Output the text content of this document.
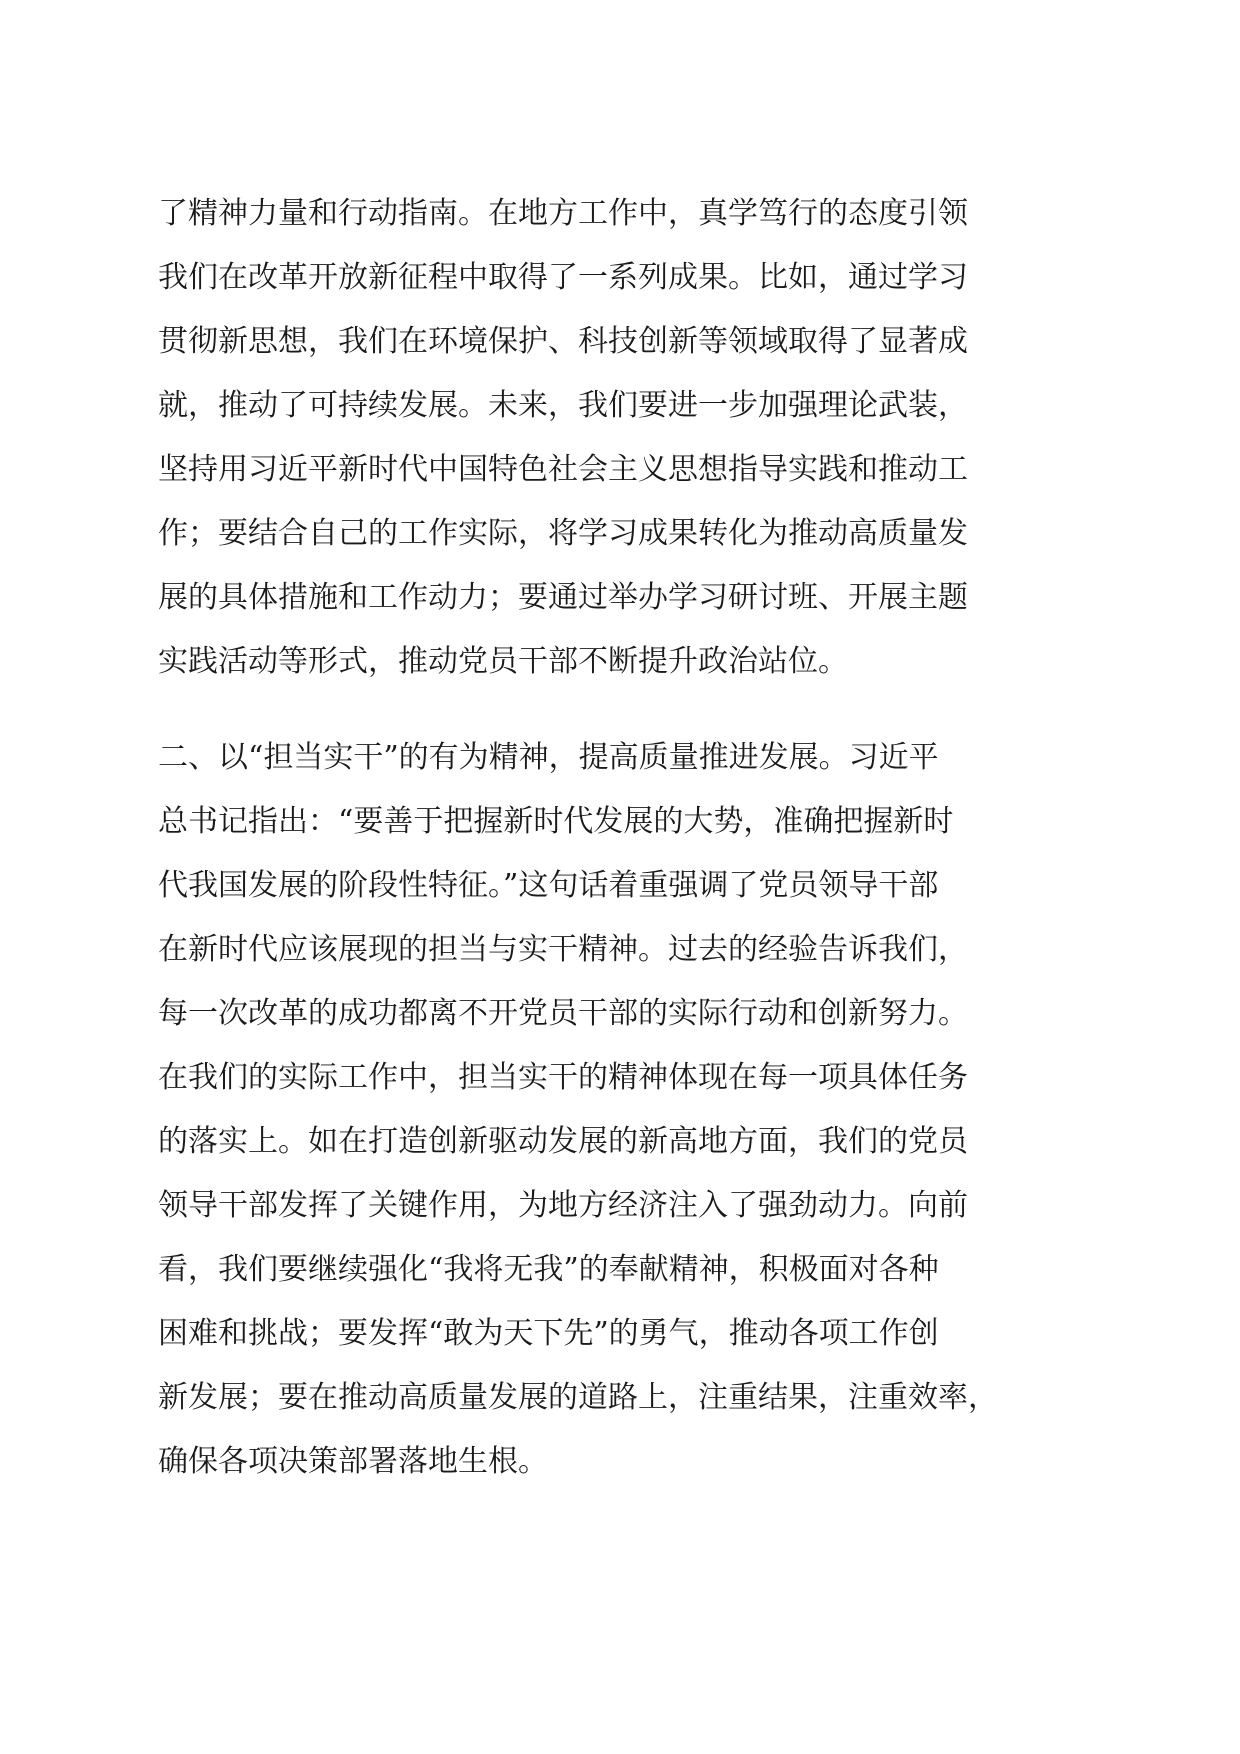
了精神力量和行动指南。在地方工作中，真学笃行的态度引领
我们在改革开放新征程中取得了一系列成果。比如，通过学习
贯彻新思想，我们在环境保护、科技创新等领域取得了显著成
就，推动了可持续发展。未来，我们要进一步加强理论武装，
坚持用习近平新时代中国特色社会主义思想指导实践和推动工
作；要结合自己的工作实际，将学习成果转化为推动高质量发
展的具体措施和工作动力；要通过举办学习研讨班、开展主题
实践活动等形式，推动党员干部不断提升政治站位。

二、以“担当实干”的有为精神，提高质量推进发展。习近平
总书记指出：“要善于把握新时代发展的大势，准确把握新时
代我国发展的阶段性特征。”这句话着重强调了党员领导干部
在新时代应该展现的担当与实干精神。过去的经验告诉我们，
每一次改革的成功都离不开党员干部的实际行动和创新努力。
在我们的实际工作中，担当实干的精神体现在每一项具体任务
的落实上。如在打造创新驱动发展的新高地方面，我们的党员
领导干部发挥了关键作用，为地方经济注入了强劲动力。向前
看，我们要继续强化“我将无我”的奉献精神，积极面对各种
困难和挑战；要发挥“敢为天下先”的勇气，推动各项工作创
新发展；要在推动高质量发展的道路上，注重结果，注重效率，
确保各项决策部署落地生根。
